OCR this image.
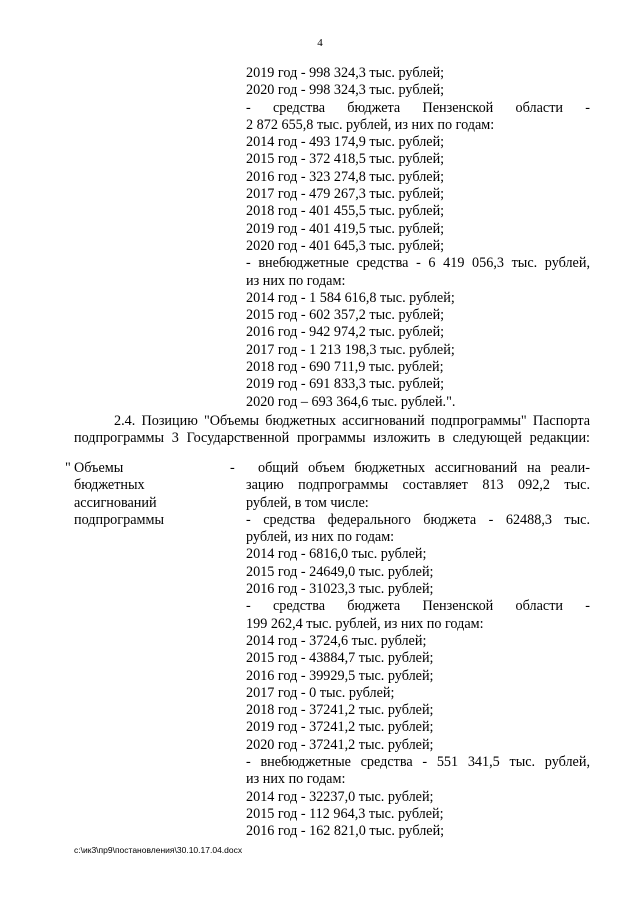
4
2019 год - 998 324,3 тыс. рублей;
2020 год - 998 324,3 тыс. рублей;
- средства бюджета Пензенской области -
2 872 655,8 тыс. рублей, из них по годам:
2014 год - 493 174,9 тыс. рублей;
2015 год - 372 418,5 тыс. рублей;
2016 год - 323 274,8 тыс. рублей;
2017 год - 479 267,3 тыс. рублей;
2018 год - 401 455,5 тыс. рублей;
2019 год - 401 419,5 тыс. рублей;
2020 год - 401 645,3 тыс. рублей;
- внебюджетные средства - 6 419 056,3 тыс. рублей,
из них по годам:
2014 год - 1 584 616,8 тыс. рублей;
2015 год - 602 357,2 тыс. рублей;
2016 год - 942 974,2 тыс. рублей;
2017 год - 1 213 198,3 тыс. рублей;
2018 год - 690 711,9 тыс. рублей;
2019 год - 691 833,3 тыс. рублей;
2020 год – 693 364,6 тыс. рублей.".
2.4. Позицию "Объемы бюджетных ассигнований подпрограммы" Паспорта
подпрограммы 3 Государственной программы изложить в следующей редакции:
" Объемы
бюджетных
ассигнований
подпрограммы
- общий объем бюджетных ассигнований на реали-
зацию подпрограммы составляет 813 092,2 тыс.
рублей, в том числе:
- средства федерального бюджета - 62488,3 тыс.
рублей, из них по годам:
2014 год - 6816,0 тыс. рублей;
2015 год - 24649,0 тыс. рублей;
2016 год - 31023,3 тыс. рублей;
- средства бюджета Пензенской области -
199 262,4 тыс. рублей, из них по годам:
2014 год - 3724,6 тыс. рублей;
2015 год - 43884,7 тыс. рублей;
2016 год - 39929,5 тыс. рублей;
2017 год - 0 тыс. рублей;
2018 год - 37241,2 тыс. рублей;
2019 год - 37241,2 тыс. рублей;
2020 год - 37241,2 тыс. рублей;
- внебюджетные средства - 551 341,5 тыс. рублей,
из них по годам:
2014 год - 32237,0 тыс. рублей;
2015 год - 112 964,3 тыс. рублей;
2016 год - 162 821,0 тыс. рублей;
c:\ик3\пр9\постановления\30.10.17.04.docx
